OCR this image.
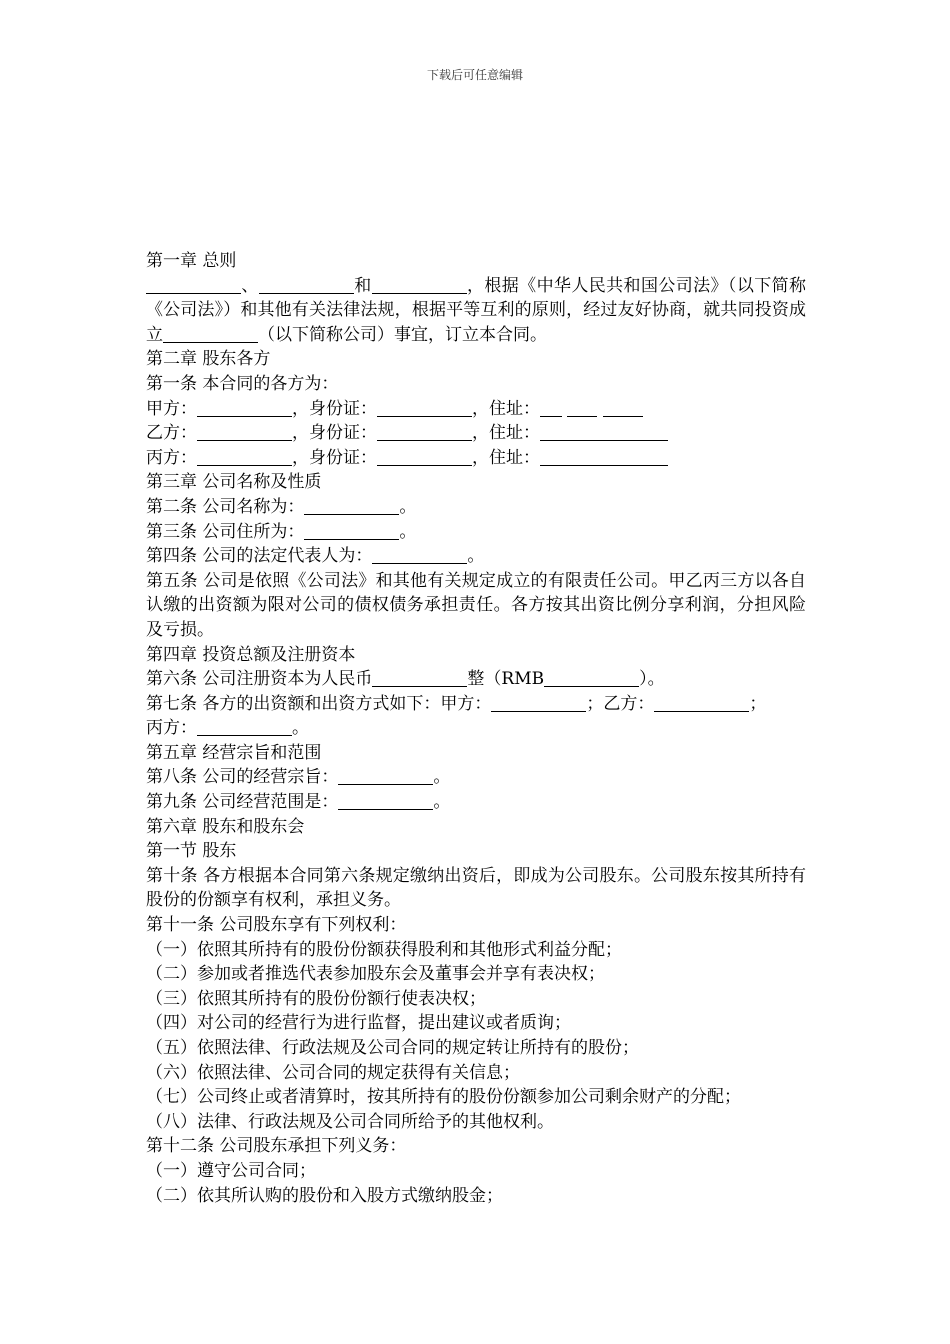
下载后可任意编辑
第一章 总则
、	和	，根据《中华人民共和国公司法》（以下简称《公司法》）和其他有关法律法规，根据平等互利的原则，经过友好协商，就共同投资成立	（以下简称公司）事宜，订立本合同。
第二章 股东各方
第一条 本合同的各方为：
甲方：	，身份证：	，住址：
乙方：	，身份证：	，住址：
丙方：	，身份证：	，住址：
第三章 公司名称及性质
第二条 公司名称为：	。
第三条 公司住所为：	。
第四条 公司的法定代表人为：	。
第五条 公司是依照《公司法》和其他有关规定成立的有限责任公司。甲乙丙三方以各自认缴的出资额为限对公司的债权债务承担责任。各方按其出资比例分享利润，分担风险及亏损。
第四章 投资总额及注册资本
第六条 公司注册资本为人民币	整（RMB	）。
第七条 各方的出资额和出资方式如下：甲方：	；乙方：	；
丙方：	。
第五章 经营宗旨和范围
第八条 公司的经营宗旨：	。
第九条 公司经营范围是：	。
第六章 股东和股东会
第一节 股东
第十条 各方根据本合同第六条规定缴纳出资后，即成为公司股东。公司股东按其所持有股份的份额享有权利，承担义务。
第十一条 公司股东享有下列权利：
（一）依照其所持有的股份份额获得股利和其他形式利益分配；
（二）参加或者推选代表参加股东会及董事会并享有表决权；
（三）依照其所持有的股份份额行使表决权；
（四）对公司的经营行为进行监督，提出建议或者质询；
（五）依照法律、行政法规及公司合同的规定转让所持有的股份；
（六）依照法律、公司合同的规定获得有关信息；
（七）公司终止或者清算时，按其所持有的股份份额参加公司剩余财产的分配；
（八）法律、行政法规及公司合同所给予的其他权利。
第十二条 公司股东承担下列义务：
（一）遵守公司合同；
（二）依其所认购的股份和入股方式缴纳股金；
